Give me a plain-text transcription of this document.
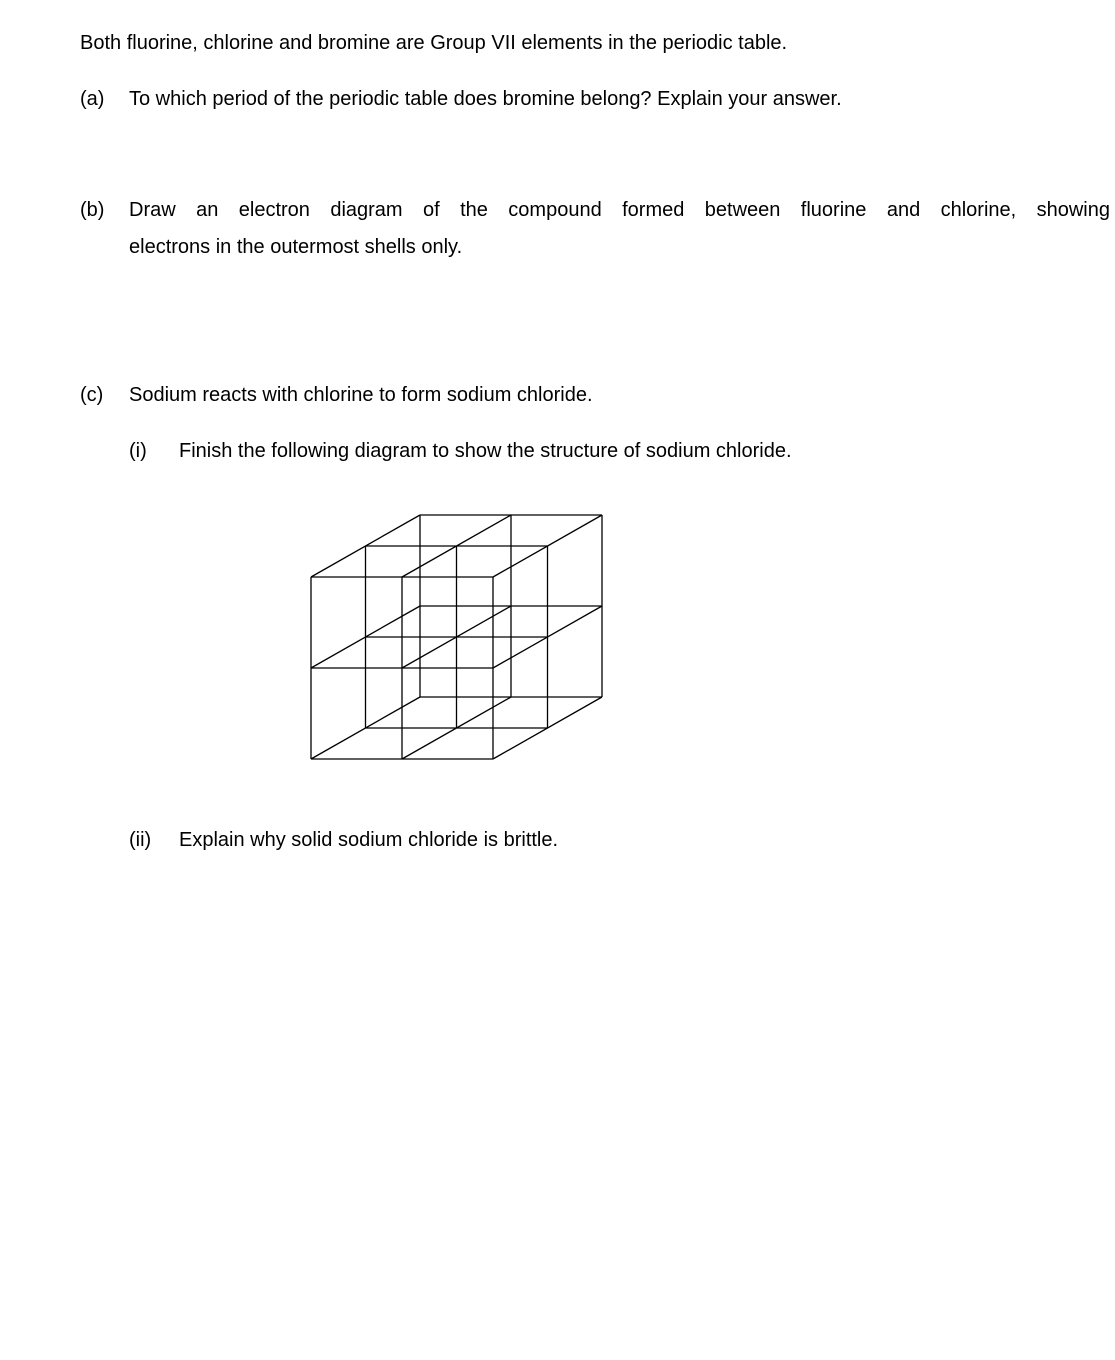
Both fluorine, chlorine and bromine are Group VII elements in the periodic table.
(a) To which period of the periodic table does bromine belong? Explain your answer.
(b) Draw an electron diagram of the compound formed between fluorine and chlorine, showing
electrons in the outermost shells only.
(c) Sodium reacts with chlorine to form sodium chloride.
(i) Finish the following diagram to show the structure of sodium chloride.
(ii) Explain why solid sodium chloride is brittle.
